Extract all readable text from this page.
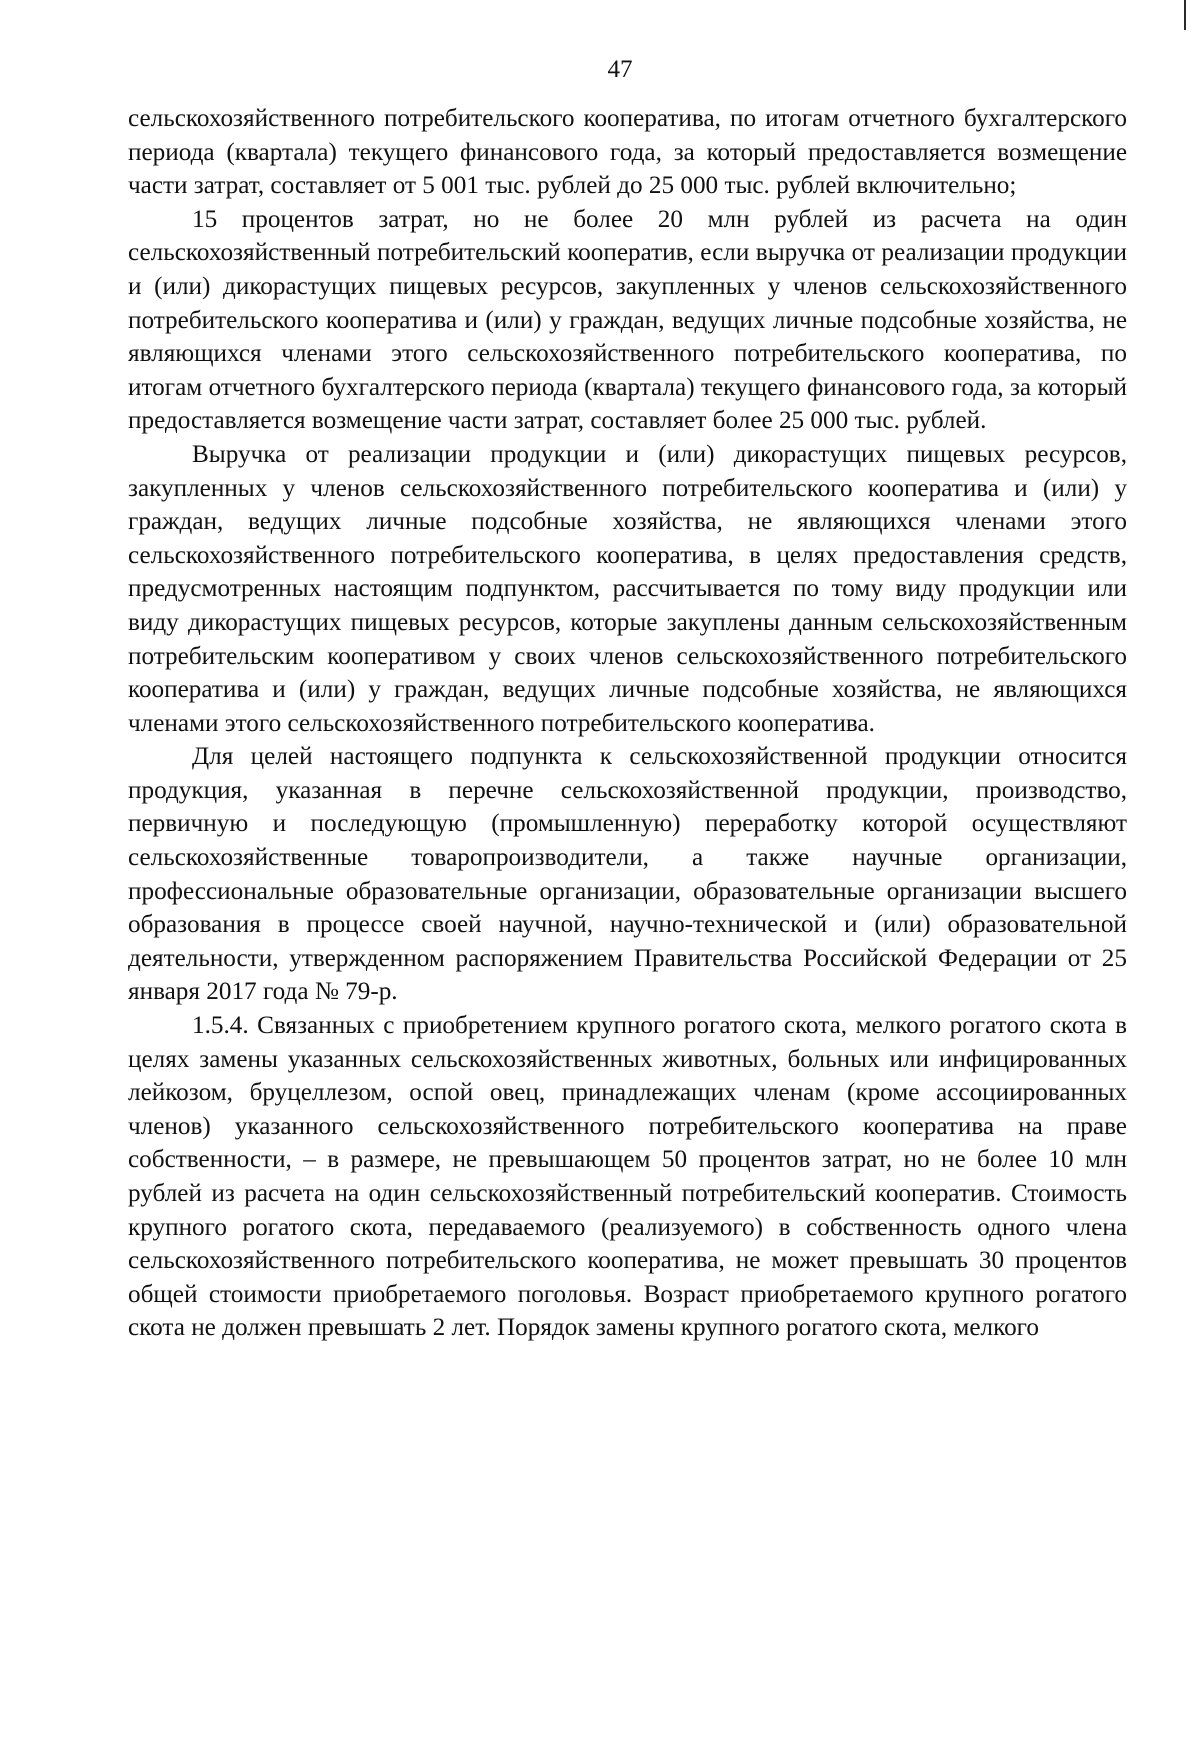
47

сельскохозяйственного потребительского кооператива, по итогам отчетного бухгалтерского периода (квартала) текущего финансового года, за который предоставляется возмещение части затрат, составляет от 5 001 тыс. рублей до 25 000 тыс. рублей включительно;

15 процентов затрат, но не более 20 млн рублей из расчета на один сельскохозяйственный потребительский кооператив, если выручка от реализации продукции и (или) дикорастущих пищевых ресурсов, закупленных у членов сельскохозяйственного потребительского кооператива и (или) у граждан, ведущих личные подсобные хозяйства, не являющихся членами этого сельскохозяйственного потребительского кооператива, по итогам отчетного бухгалтерского периода (квартала) текущего финансового года, за который предоставляется возмещение части затрат, составляет более 25 000 тыс. рублей.

Выручка от реализации продукции и (или) дикорастущих пищевых ресурсов, закупленных у членов сельскохозяйственного потребительского кооператива и (или) у граждан, ведущих личные подсобные хозяйства, не являющихся членами этого сельскохозяйственного потребительского кооператива, в целях предоставления средств, предусмотренных настоящим подпунктом, рассчитывается по тому виду продукции или виду дикорастущих пищевых ресурсов, которые закуплены данным сельскохозяйственным потребительским кооперативом у своих членов сельскохозяйственного потребительского кооператива и (или) у граждан, ведущих личные подсобные хозяйства, не являющихся членами этого сельскохозяйственного потребительского кооператива.

Для целей настоящего подпункта к сельскохозяйственной продукции относится продукция, указанная в перечне сельскохозяйственной продукции, производство, первичную и последующую (промышленную) переработку которой осуществляют сельскохозяйственные товаропроизводители, а также научные организации, профессиональные образовательные организации, образовательные организации высшего образования в процессе своей научной, научно-технической и (или) образовательной деятельности, утвержденном распоряжением Правительства Российской Федерации от 25 января 2017 года № 79-р.

1.5.4. Связанных с приобретением крупного рогатого скота, мелкого рогатого скота в целях замены указанных сельскохозяйственных животных, больных или инфицированных лейкозом, бруцеллезом, оспой овец, принадлежащих членам (кроме ассоциированных членов) указанного сельскохозяйственного потребительского кооператива на праве собственности, – в размере, не превышающем 50 процентов затрат, но не более 10 млн рублей из расчета на один сельскохозяйственный потребительский кооператив. Стоимость крупного рогатого скота, передаваемого (реализуемого) в собственность одного члена сельскохозяйственного потребительского кооператива, не может превышать 30 процентов общей стоимости приобретаемого поголовья. Возраст приобретаемого крупного рогатого скота не должен превышать 2 лет. Порядок замены крупного рогатого скота, мелкого
